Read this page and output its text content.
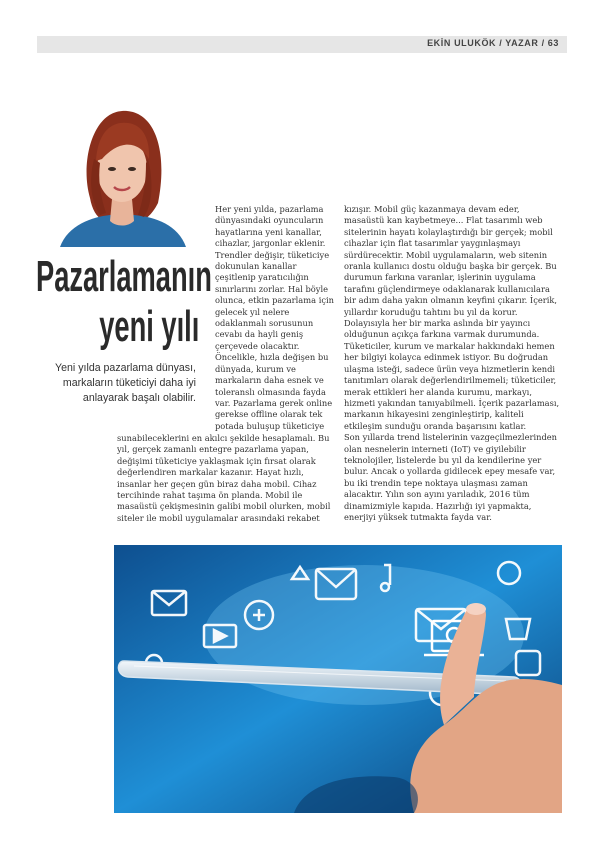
EKİN ULUKÖK / YAZAR / 63
Pazarlamanın
yeni yılı
Yeni yılda pazarlama dünyası, markaların tüketiciyi daha iyi anlayarak başalı olabilir.

Her yeni yılda, pazarlama dünyasındaki oyuncuların hayatlarına yeni kanallar, cihazlar, jargonlar eklenir. Trendler değişir, tüketiciye dokunulan kanallar çeşitlenip yaratıcılığın sınırlarını zorlar. Hal böyle olunca, etkin pazarlama için gelecek yıl nelere odaklanmalı sorusunun cevabı da hayli geniş çerçevede olacaktır. Öncelikle, hızla değişen bu dünyada, kurum ve markaların daha esnek ve toleranslı olmasında fayda var. Pazarlama gerek online gerekse offline olarak tek potada buluşup tüketiciye

sunabileceklerini en akılcı şekilde hesaplamalı. Bu yıl, gerçek zamanlı entegre pazarlama yapan, değişimi tüketiciye yaklaşmak için fırsat olarak değerlendiren markalar kazanır. Hayat hızlı, insanlar her geçen gün biraz daha mobil. Cihaz tercihinde rahat taşıma ön planda. Mobil ile masaüstü çekişmesinin galibi mobil olurken, mobil siteler ile mobil uygulamalar arasındaki rekabet

kızışır. Mobil güç kazanmaya devam eder, masaüstü kan kaybetmeye... Flat tasarımlı web sitelerinin hayatı kolaylaştırdığı bir gerçek; mobil cihazlar için flat tasarımlar yaygınlaşmayı sürdürecektir. Mobil uygulamaların, web sitenin oranla kullanıcı dostu olduğu başka bir gerçek. Bu durumun farkına varanlar, işlerinin uygulama tarafını güçlendirmeye odaklanarak kullanıcılara bir adım daha yakın olmanın keyfini çıkarır. İçerik, yıllardır koruduğu tahtını bu yıl da korur. Dolayısıyla her bir marka aslında bir yayıncı olduğunun açıkça farkına varmak durumunda. Tüketiciler, kurum ve markalar hakkındaki hemen her bilgiyi kolayca edinmek istiyor. Bu doğrudan ulaşma isteği, sadece ürün veya hizmetlerin kendi tanıtımları olarak değerlendirilmemeli; tüketiciler, merak ettikleri her alanda kurumu, markayı, hizmeti yakından tanıyabilmeli. İçerik pazarlaması, markanın hikayesini zenginleştirip, kaliteli etkileşim sunduğu oranda başarısını katlar.

Son yıllarda trend listelerinin vazgeçilmezlerinden olan nesnelerin interneti (IoT) ve giyilebilir teknolojiler, listelerde bu yıl da kendilerine yer bulur. Ancak o yollarda gidilecek epey mesafe var, bu iki trendin tepe noktaya ulaşması zaman alacaktır. Yılın son ayını yarıladık, 2016 tüm dinamizmiyle kapıda. Hazırlığı iyi yapmakta, enerjiyi yüksek tutmakta fayda var.
